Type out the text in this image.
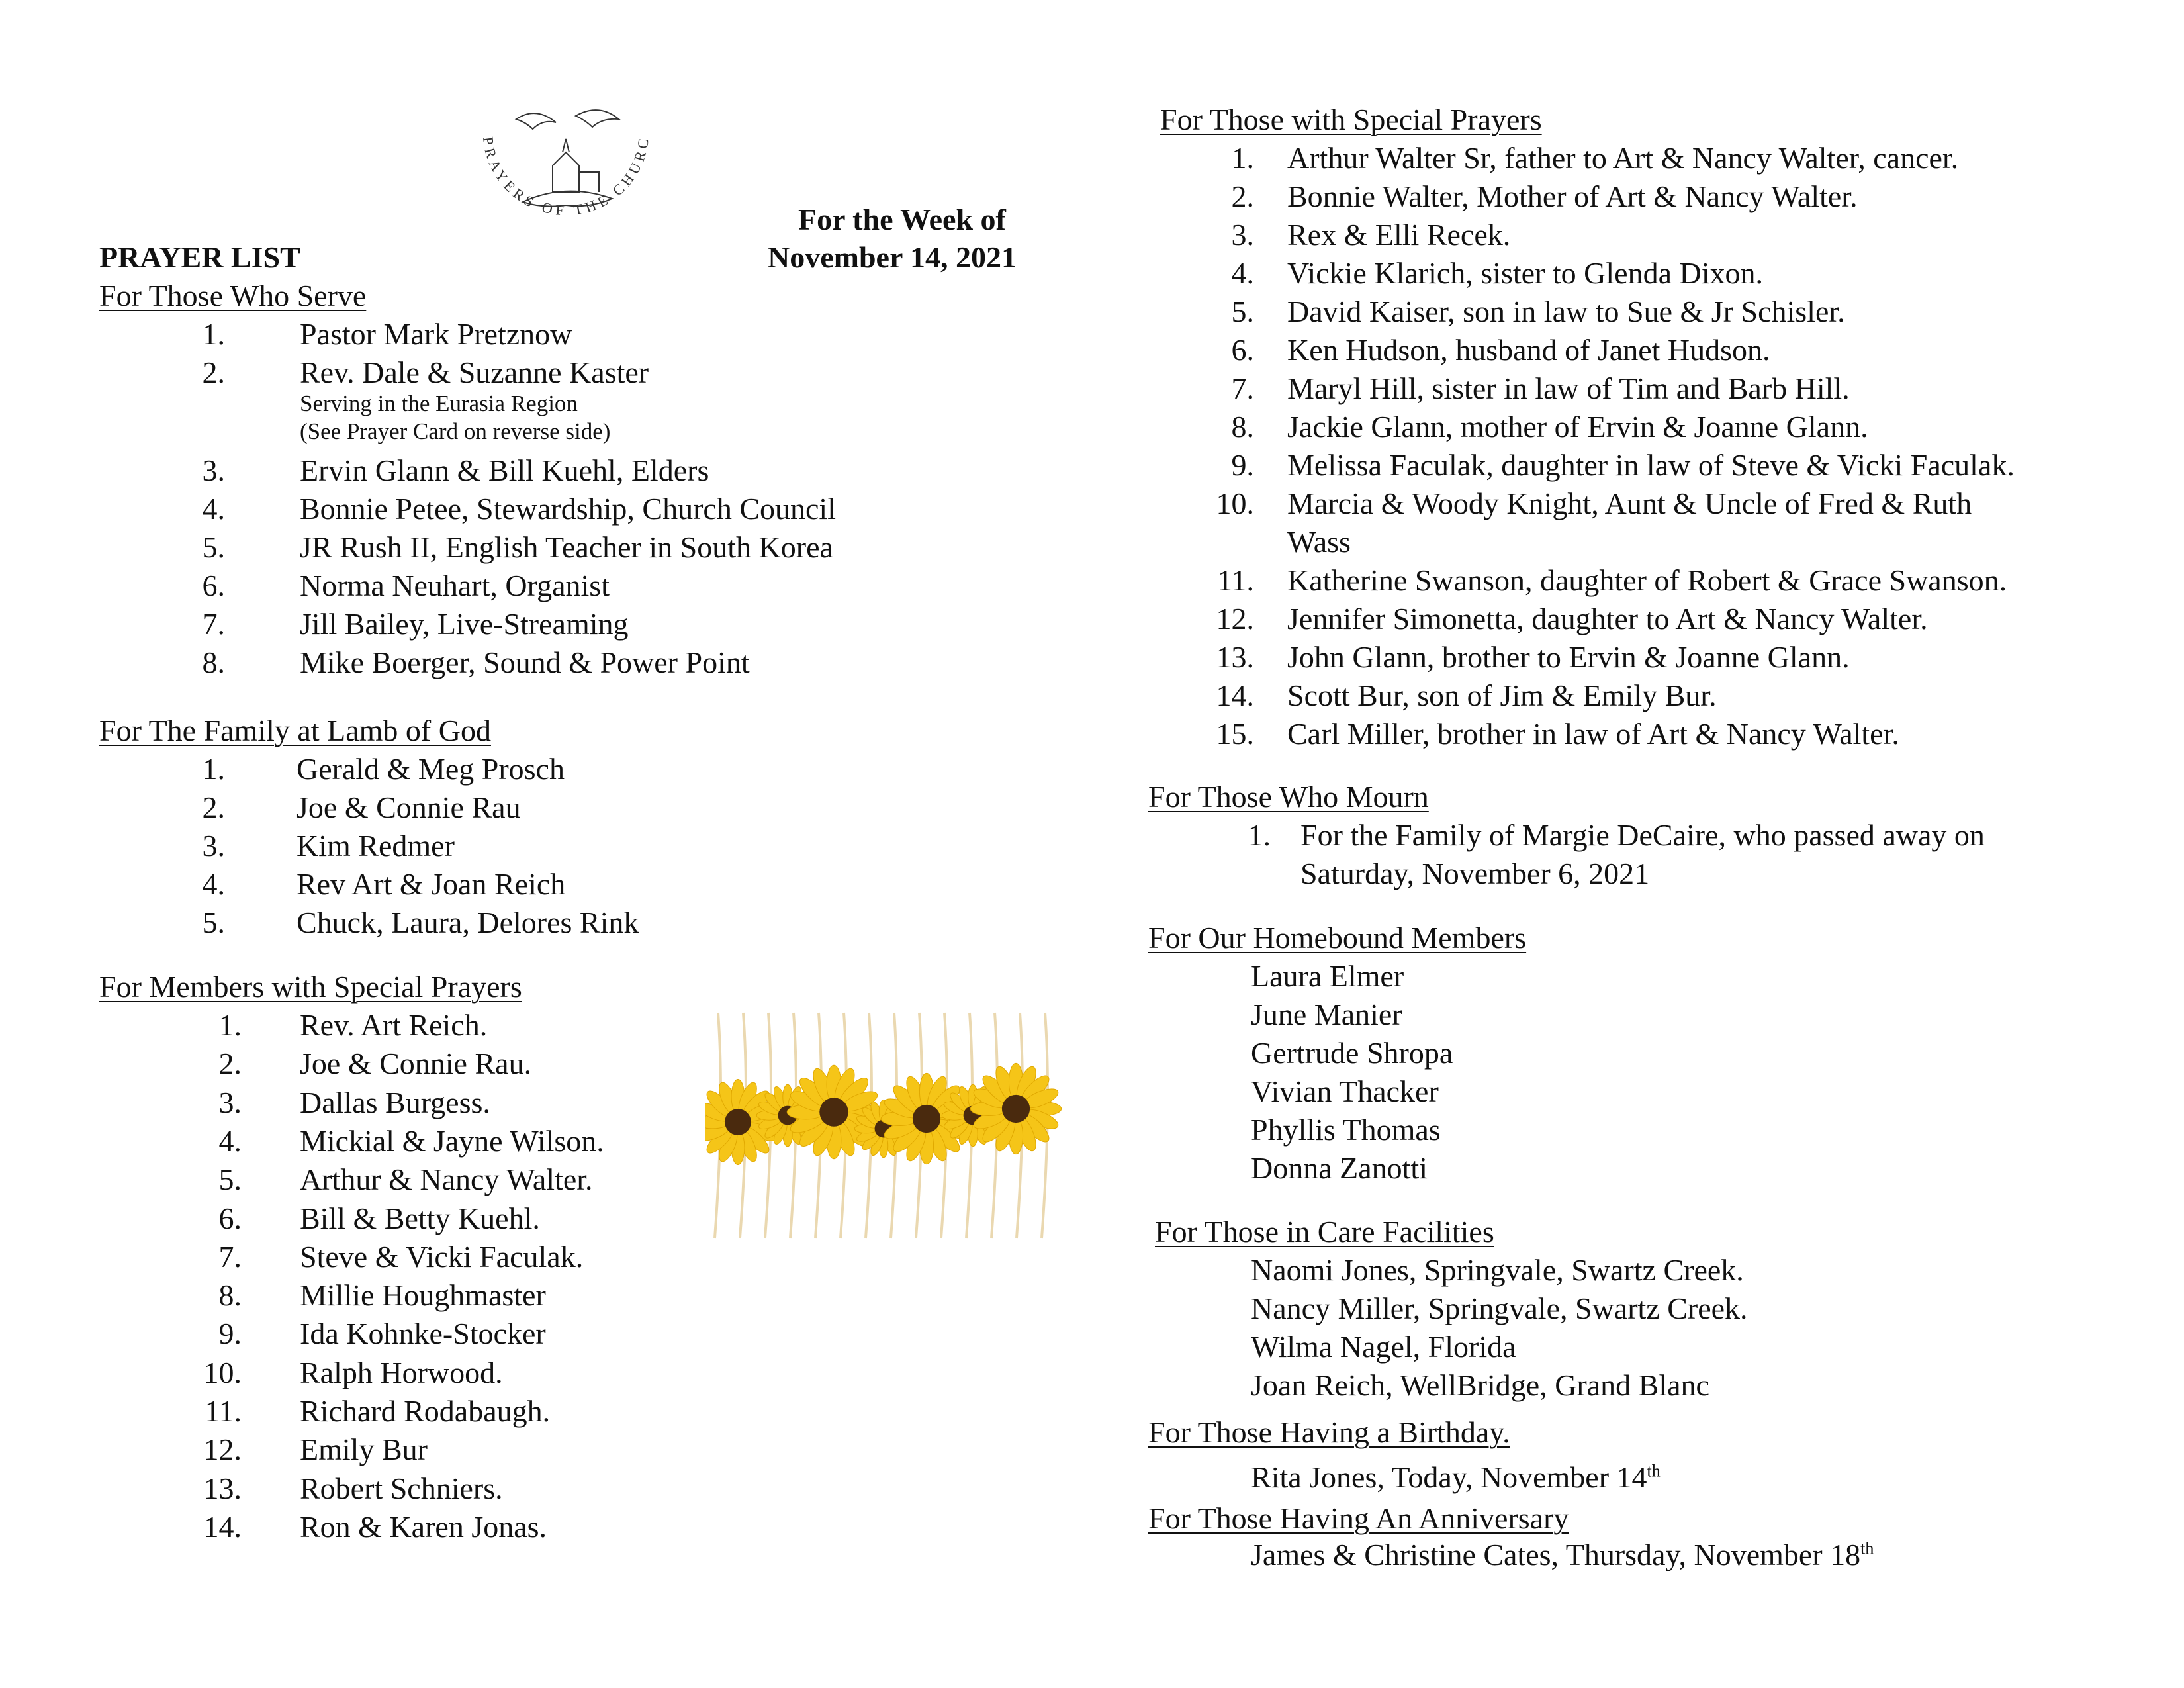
PRAYERS OF THE CHURC
PRAYER LIST
For the Week of
November 14, 2021
For Those Who Serve
1. Pastor Mark Pretznow
2. Rev. Dale & Suzanne Kaster
Serving in the Eurasia Region
(See Prayer Card on reverse side)
3. Ervin Glann & Bill Kuehl, Elders
4. Bonnie Petee, Stewardship, Church Council
5. JR Rush II, English Teacher in South Korea
6. Norma Neuhart, Organist
7. Jill Bailey, Live-Streaming
8. Mike Boerger, Sound & Power Point
For The Family at Lamb of God
1. Gerald & Meg Prosch
2. Joe & Connie Rau
3. Kim Redmer
4. Rev Art & Joan Reich
5. Chuck, Laura, Delores Rink
For Members with Special Prayers
1. Rev. Art Reich.
2. Joe & Connie Rau.
3. Dallas Burgess.
4. Mickial & Jayne Wilson.
5. Arthur & Nancy Walter.
6. Bill & Betty Kuehl.
7. Steve & Vicki Faculak.
8. Millie Houghmaster
9. Ida Kohnke-Stocker
10. Ralph Horwood.
11. Richard Rodabaugh.
12. Emily Bur
13. Robert Schniers.
14. Ron & Karen Jonas.
For Those with Special Prayers
1. Arthur Walter Sr, father to Art & Nancy Walter, cancer.
2. Bonnie Walter, Mother of Art & Nancy Walter.
3. Rex & Elli Recek.
4. Vickie Klarich, sister to Glenda Dixon.
5. David Kaiser, son in law to Sue & Jr Schisler.
6. Ken Hudson, husband of Janet Hudson.
7. Maryl Hill, sister in law of Tim and Barb Hill.
8. Jackie Glann, mother of Ervin & Joanne Glann.
9. Melissa Faculak, daughter in law of Steve & Vicki Faculak.
10. Marcia & Woody Knight, Aunt & Uncle of Fred & Ruth
Wass
11. Katherine Swanson, daughter of Robert & Grace Swanson.
12. Jennifer Simonetta, daughter to Art & Nancy Walter.
13. John Glann, brother to Ervin & Joanne Glann.
14. Scott Bur, son of Jim & Emily Bur.
15. Carl Miller, brother in law of Art & Nancy Walter.
For Those Who Mourn
1. For the Family of Margie DeCaire, who passed away on
Saturday, November 6, 2021
For Our Homebound Members
Laura Elmer
June Manier
Gertrude Shropa
Vivian Thacker
Phyllis Thomas
Donna Zanotti
For Those in Care Facilities
Naomi Jones, Springvale, Swartz Creek.
Nancy Miller, Springvale, Swartz Creek.
Wilma Nagel, Florida
Joan Reich, WellBridge, Grand Blanc
For Those Having a Birthday.
Rita Jones, Today, November 14th
For Those Having An Anniversary
James & Christine Cates, Thursday, November 18th
